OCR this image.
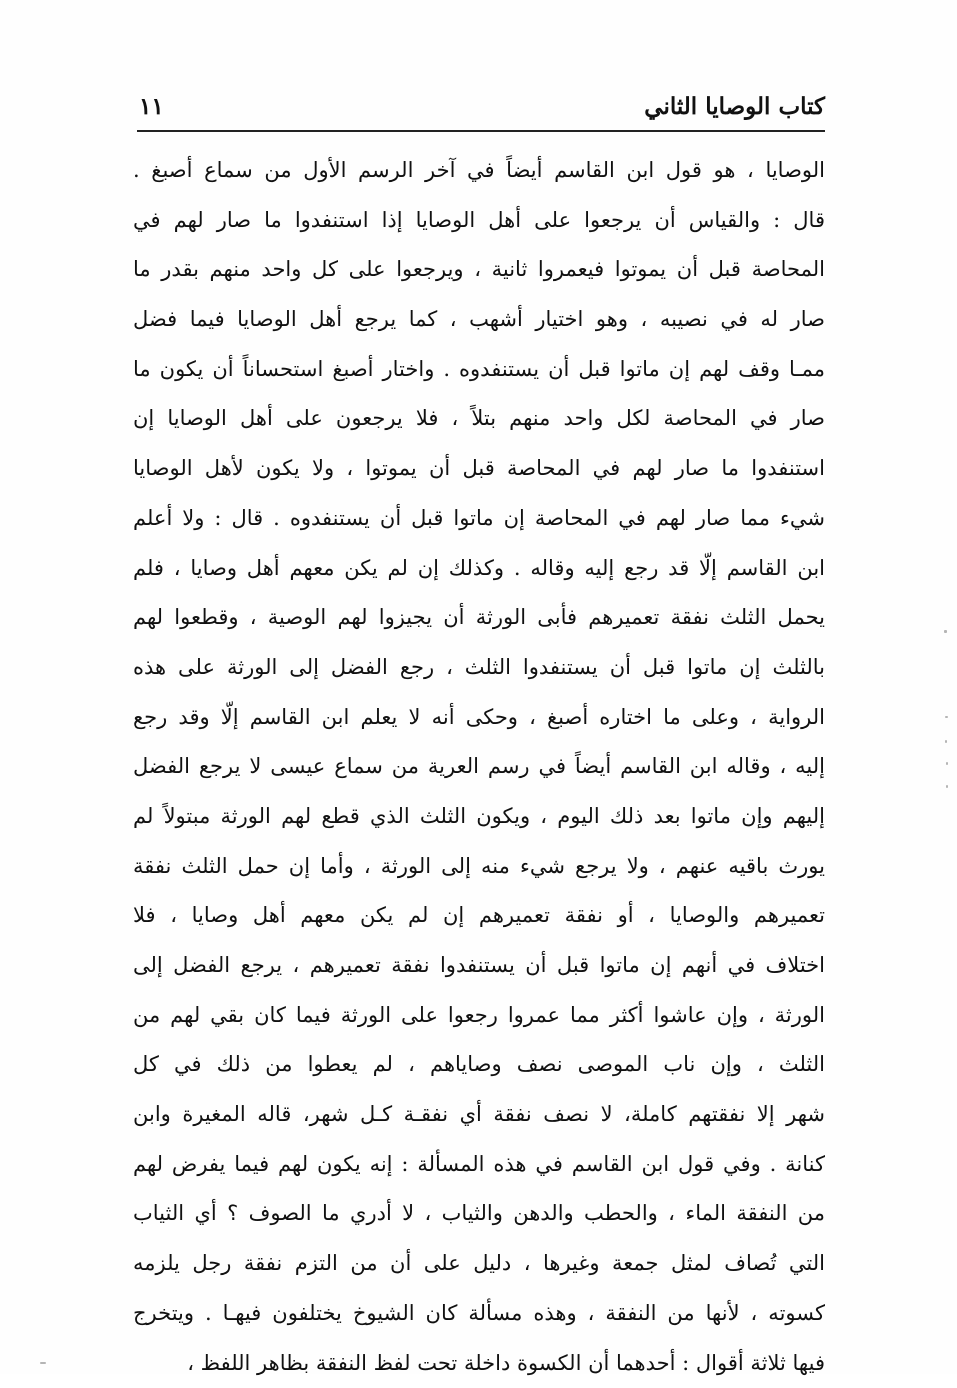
كتاب الوصايا الثاني
١١
الوصايا ، هو قول ابن القاسم أيضاً في آخر الرسم الأول من سماع أصبغ .
قال : والقياس أن يرجعوا على أهل الوصايا إذا استنفدوا ما صار لهم في
المحاصة قبل أن يموتوا فيعمروا ثانية ، ويرجعوا على كل واحد منهم بقدر ما
صار له في نصيبه ، وهو اختيار أشهب ، كما يرجع أهل الوصايا فيما فضل
ممـا وقف لهم إن ماتوا قبل أن يستنفدوه . واختار أصبغ استحساناً أن يكون ما
صار في المحاصة لكل واحد منهم بتلاً ، فلا يرجعون على أهل الوصايا إن
استنفدوا ما صار لهم في المحاصة قبل أن يموتوا ، ولا يكون لأهل الوصايا
شيء مما صار لهم في المحاصة إن ماتوا قبل أن يستنفدوه . قال : ولا أعلم
ابن القاسم إلّا قد رجع إليه وقاله . وكذلك إن لم يكن معهم أهل وصايا ، فلم
يحمل الثلث نفقة تعميرهم فأبى الورثة أن يجيزوا لهم الوصية ، وقطعوا لهم
بالثلث إن ماتوا قبل أن يستنفدوا الثلث ، رجع الفضل إلى الورثة على هذه
الرواية ، وعلى ما اختاره أصبغ ، وحكى أنه لا يعلم ابن القاسم إلّا وقد رجع
إليه ، وقاله ابن القاسم أيضاً في رسم العرية من سماع عيسى لا يرجع الفضل
إليهم وإن ماتوا بعد ذلك اليوم ، ويكون الثلث الذي قطع لهم الورثة مبتولاً لم
يورث باقيه عنهم ، ولا يرجع شيء منه إلى الورثة ، وأما إن حمل الثلث نفقة
تعميرهم والوصايا ، أو نفقة تعميرهم إن لم يكن معهم أهل وصايا ، فلا
اختلاف في أنهم إن ماتوا قبل أن يستنفدوا نفقة تعميرهم ، يرجع الفضل إلى
الورثة ، وإن عاشوا أكثر مما عمروا رجعوا على الورثة فيما كان بقي لهم من
الثلث ، وإن ناب الموصى نصف وصاياهم ، لم يعطوا من ذلك في كل
شهر إلا نفقتهم كاملة، لا نصف نفقة أي نفقـة كـل شهر، قاله المغيرة وابن
كنانة . وفي قول ابن القاسم في هذه المسألة : إنه يكون لهم فيما يفرض لهم
من النفقة الماء ، والحطب والدهن والثياب ، لا أدري ما الصوف ؟ أي الثياب
التي تُصاف لمثل جمعة وغيرها ، دليل على أن من التزم نفقة رجل يلزمه
كسوته ، لأنها من النفقة ، وهذه مسألة كان الشيوخ يختلفون فيهـا . ويتخرج
فيها ثلاثة أقوال : أحدهما أن الكسوة داخلة تحت لفظ النفقة بظاهر اللفظ ،
